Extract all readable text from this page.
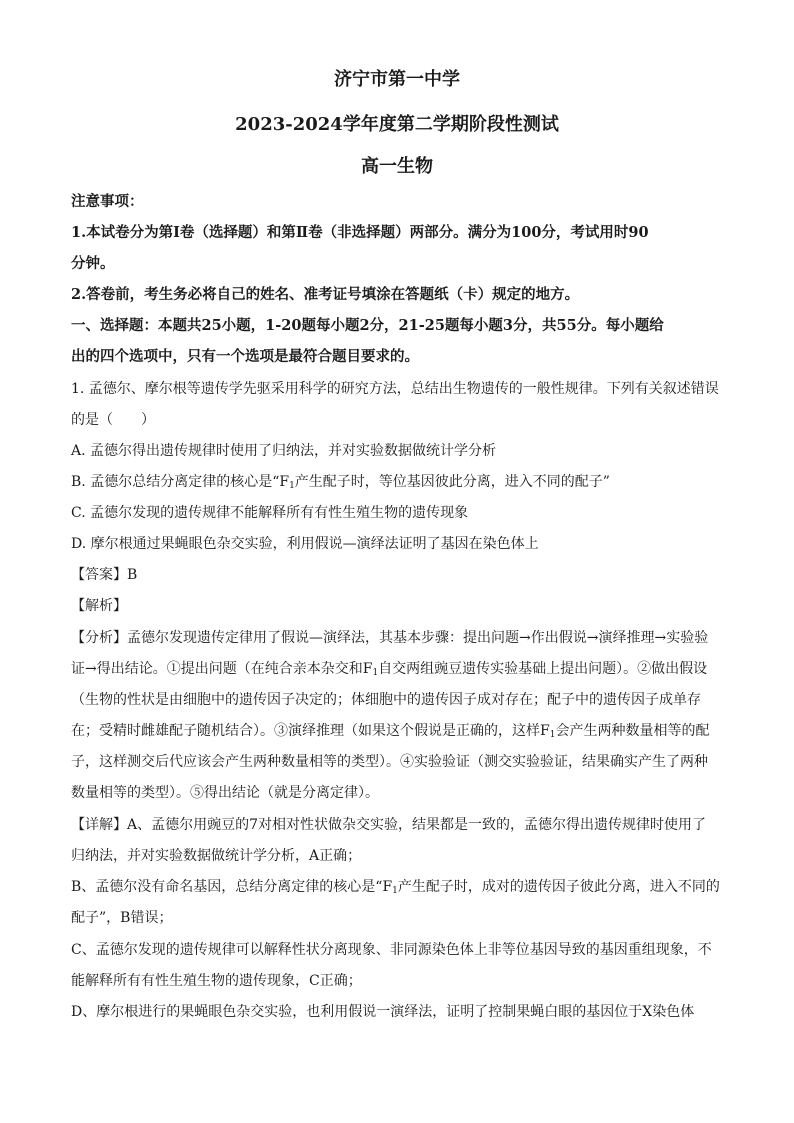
济宁市第一中学
2023-2024学年度第二学期阶段性测试
高一生物
注意事项：
1.本试卷分为第Ⅰ卷（选择题）和第Ⅱ卷（非选择题）两部分。满分为100分，考试用时90
分钟。
2.答卷前，考生务必将自己的姓名、准考证号填涂在答题纸（卡）规定的地方。
一、选择题：本题共25小题，1-20题每小题2分，21-25题每小题3分，共55分。每小题给
出的四个选项中，只有一个选项是最符合题目要求的。
1. 孟德尔、摩尔根等遗传学先驱采用科学的研究方法，总结出生物遗传的一般性规律。下列有关叙述错误
的是（　　）
A. 孟德尔得出遗传规律时使用了归纳法，并对实验数据做统计学分析
B. 孟德尔总结分离定律的核心是“$F_1$产生配子时，等位基因彼此分离，进入不同的配子”
C. 孟德尔发现的遗传规律不能解释所有有性生殖生物的遗传现象
D. 摩尔根通过果蝇眼色杂交实验，利用假说—演绎法证明了基因在染色体上
【答案】B
【解析】
【分析】孟德尔发现遗传定律用了假说—演绎法，其基本步骤：提出问题→作出假说→演绎推理→实验验
证→得出结论。①提出问题（在纯合亲本杂交和$F_1$自交两组豌豆遗传实验基础上提出问题）。②做出假设
（生物的性状是由细胞中的遗传因子决定的；体细胞中的遗传因子成对存在；配子中的遗传因子成单存
在；受精时雌雄配子随机结合）。③演绎推理（如果这个假说是正确的，这样$F_1$会产生两种数量相等的配
子，这样测交后代应该会产生两种数量相等的类型）。④实验验证（测交实验验证，结果确实产生了两种
数量相等的类型）。⑤得出结论（就是分离定律）。
【详解】A、孟德尔用豌豆的7对相对性状做杂交实验，结果都是一致的，孟德尔得出遗传规律时使用了
归纳法，并对实验数据做统计学分析，A正确；
B、孟德尔没有命名基因，总结分离定律的核心是“$F_1$产生配子时，成对的遗传因子彼此分离，进入不同的
配子”，B错误；
C、孟德尔发现的遗传规律可以解释性状分离现象、非同源染色体上非等位基因导致的基因重组现象，不
能解释所有有性生殖生物的遗传现象，C正确；
D、摩尔根进行的果蝇眼色杂交实验，也利用假说一演绎法，证明了控制果蝇白眼的基因位于X染色体
